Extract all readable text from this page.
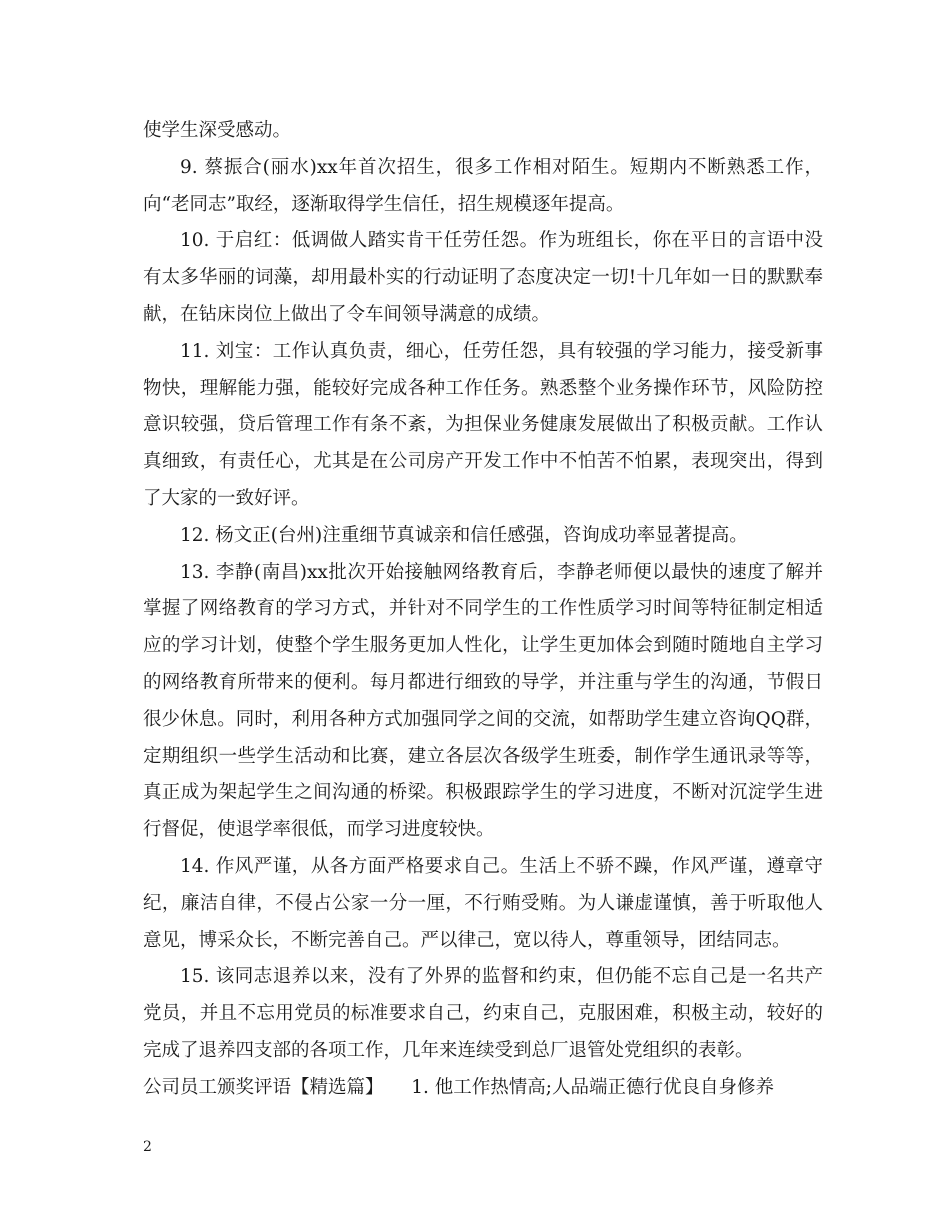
使学生深受感动。

9. 蔡振合(丽水)xx年首次招生，很多工作相对陌生。短期内不断熟悉工作，向“老同志”取经，逐渐取得学生信任，招生规模逐年提高。

10. 于启红：低调做人踏实肯干任劳任怨。作为班组长，你在平日的言语中没有太多华丽的词藻，却用最朴实的行动证明了态度决定一切!十几年如一日的默默奉献，在钻床岗位上做出了令车间领导满意的成绩。

11. 刘宝：工作认真负责，细心，任劳任怨，具有较强的学习能力，接受新事物快，理解能力强，能较好完成各种工作任务。熟悉整个业务操作环节，风险防控意识较强，贷后管理工作有条不紊，为担保业务健康发展做出了积极贡献。工作认真细致，有责任心，尤其是在公司房产开发工作中不怕苦不怕累，表现突出，得到了大家的一致好评。

12. 杨文正(台州)注重细节真诚亲和信任感强，咨询成功率显著提高。

13. 李静(南昌)xx批次开始接触网络教育后，李静老师便以最快的速度了解并掌握了网络教育的学习方式，并针对不同学生的工作性质学习时间等特征制定相适应的学习计划，使整个学生服务更加人性化，让学生更加体会到随时随地自主学习的网络教育所带来的便利。每月都进行细致的导学，并注重与学生的沟通，节假日很少休息。同时，利用各种方式加强同学之间的交流，如帮助学生建立咨询QQ群，定期组织一些学生活动和比赛，建立各层次各级学生班委，制作学生通讯录等等，真正成为架起学生之间沟通的桥梁。积极跟踪学生的学习进度，不断对沉淀学生进行督促，使退学率很低，而学习进度较快。

14. 作风严谨，从各方面严格要求自己。生活上不骄不躁，作风严谨，遵章守纪，廉洁自律，不侵占公家一分一厘，不行贿受贿。为人谦虚谨慎，善于听取他人意见，博采众长，不断完善自己。严以律己，宽以待人，尊重领导，团结同志。

15. 该同志退养以来，没有了外界的监督和约束，但仍能不忘自己是一名共产党员，并且不忘用党员的标准要求自己，约束自己，克服困难，积极主动，较好的完成了退养四支部的各项工作，几年来连续受到总厂退管处党组织的表彰。

公司员工颁奖评语【精选篇】　　1. 他工作热情高;人品端正德行优良自身修养

2
